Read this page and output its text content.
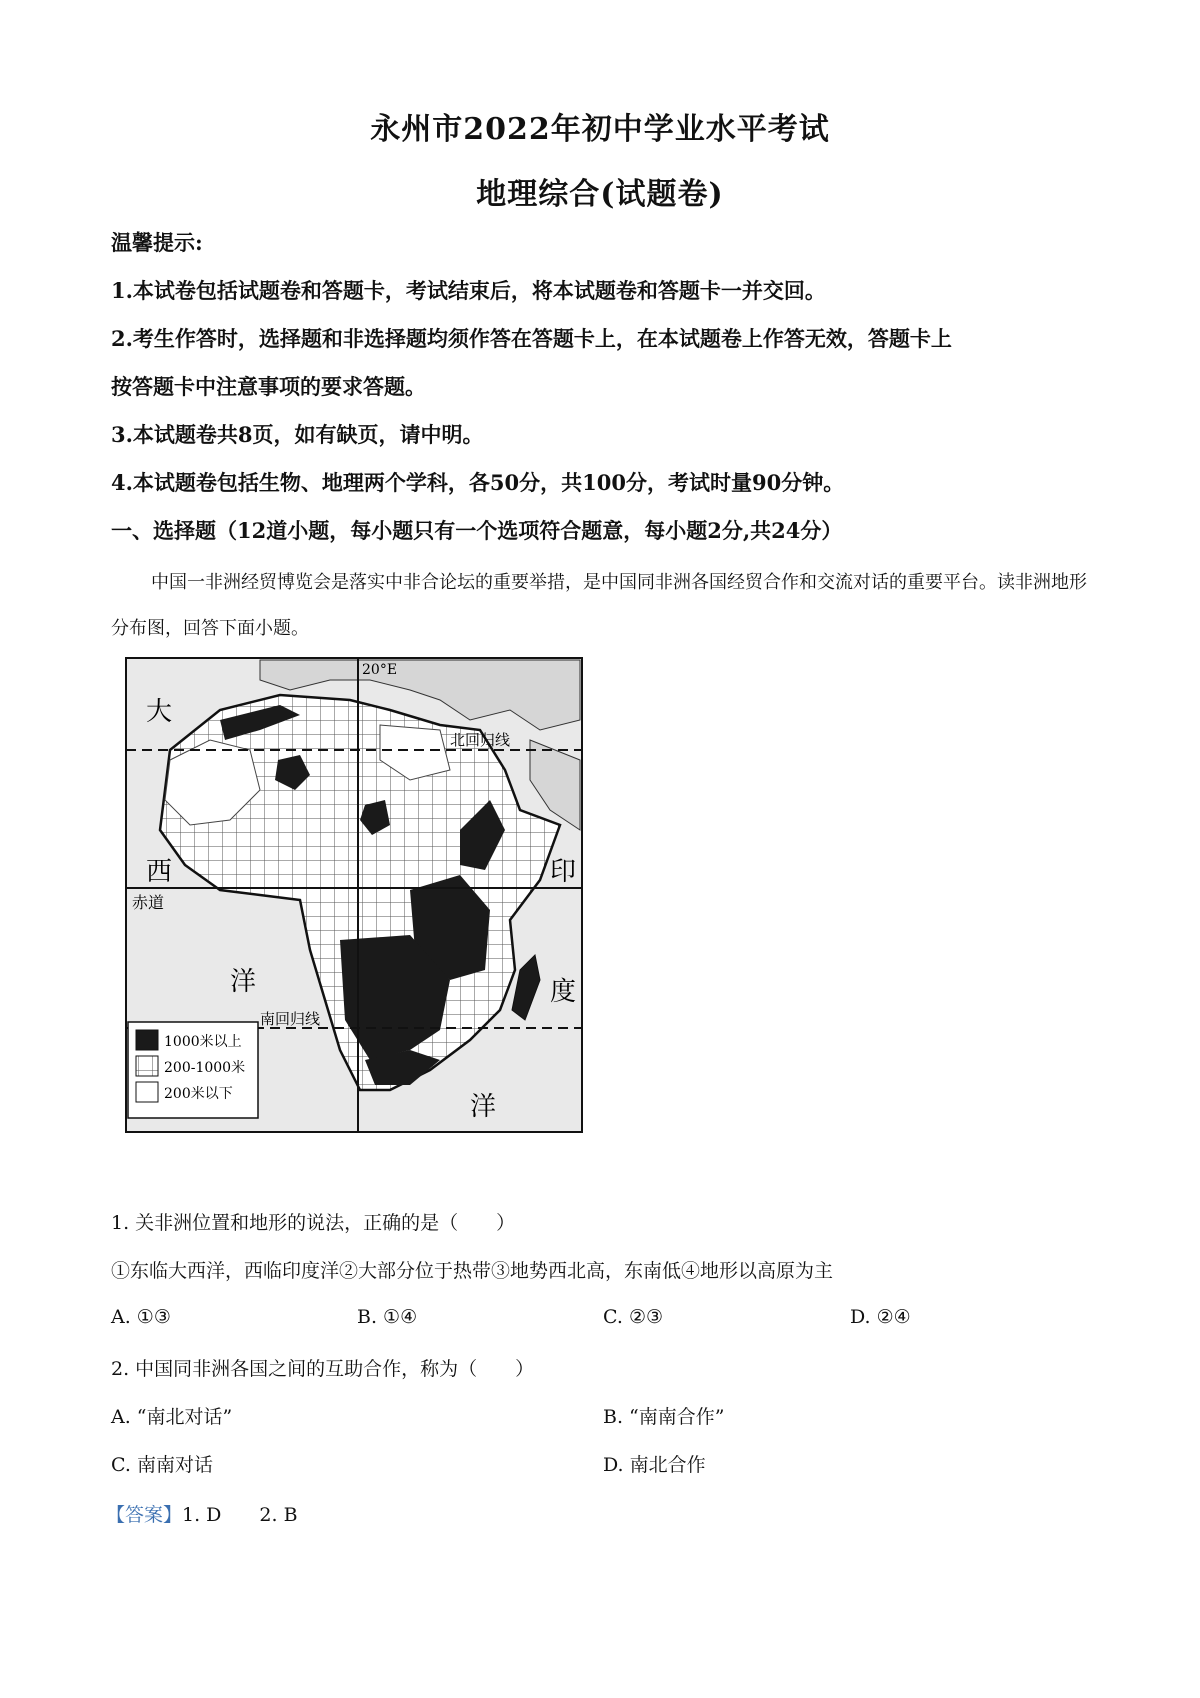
永州市2022年初中学业水平考试
地理综合(试题卷)
温馨提示:
1.本试卷包括试题卷和答题卡，考试结束后，将本试题卷和答题卡一并交回。
2.考生作答时，选择题和非选择题均须作答在答题卡上，在本试题卷上作答无效，答题卡上
按答题卡中注意事项的要求答题。
3.本试题卷共8页，如有缺页，请中明。
4.本试题卷包括生物、地理两个学科，各50分，共100分，考试时量90分钟。
一、选择题（12道小题，每小题只有一个选项符合题意，每小题2分,共24分）
中国一非洲经贸博览会是落实中非合论坛的重要举措，是中国同非洲各国经贸合作和交流对话的重要平台。读非洲地形分布图，回答下面小题。
大
西
洋
印
度
洋
赤道
北回归线
南回归线
20°E
1000米以上
200-1000米
200米以下
1. 关非洲位置和地形的说法，正确的是（　　）
①东临大西洋，西临印度洋②大部分位于热带③地势西北高，东南低④地形以高原为主
A. ①③	B. ①④	C. ②③	D. ②④
2. 中国同非洲各国之间的互助合作，称为（　　）
A. “南北对话”	B. “南南合作”
C. 南南对话	D. 南北合作
【答案】1. D　　2. B
